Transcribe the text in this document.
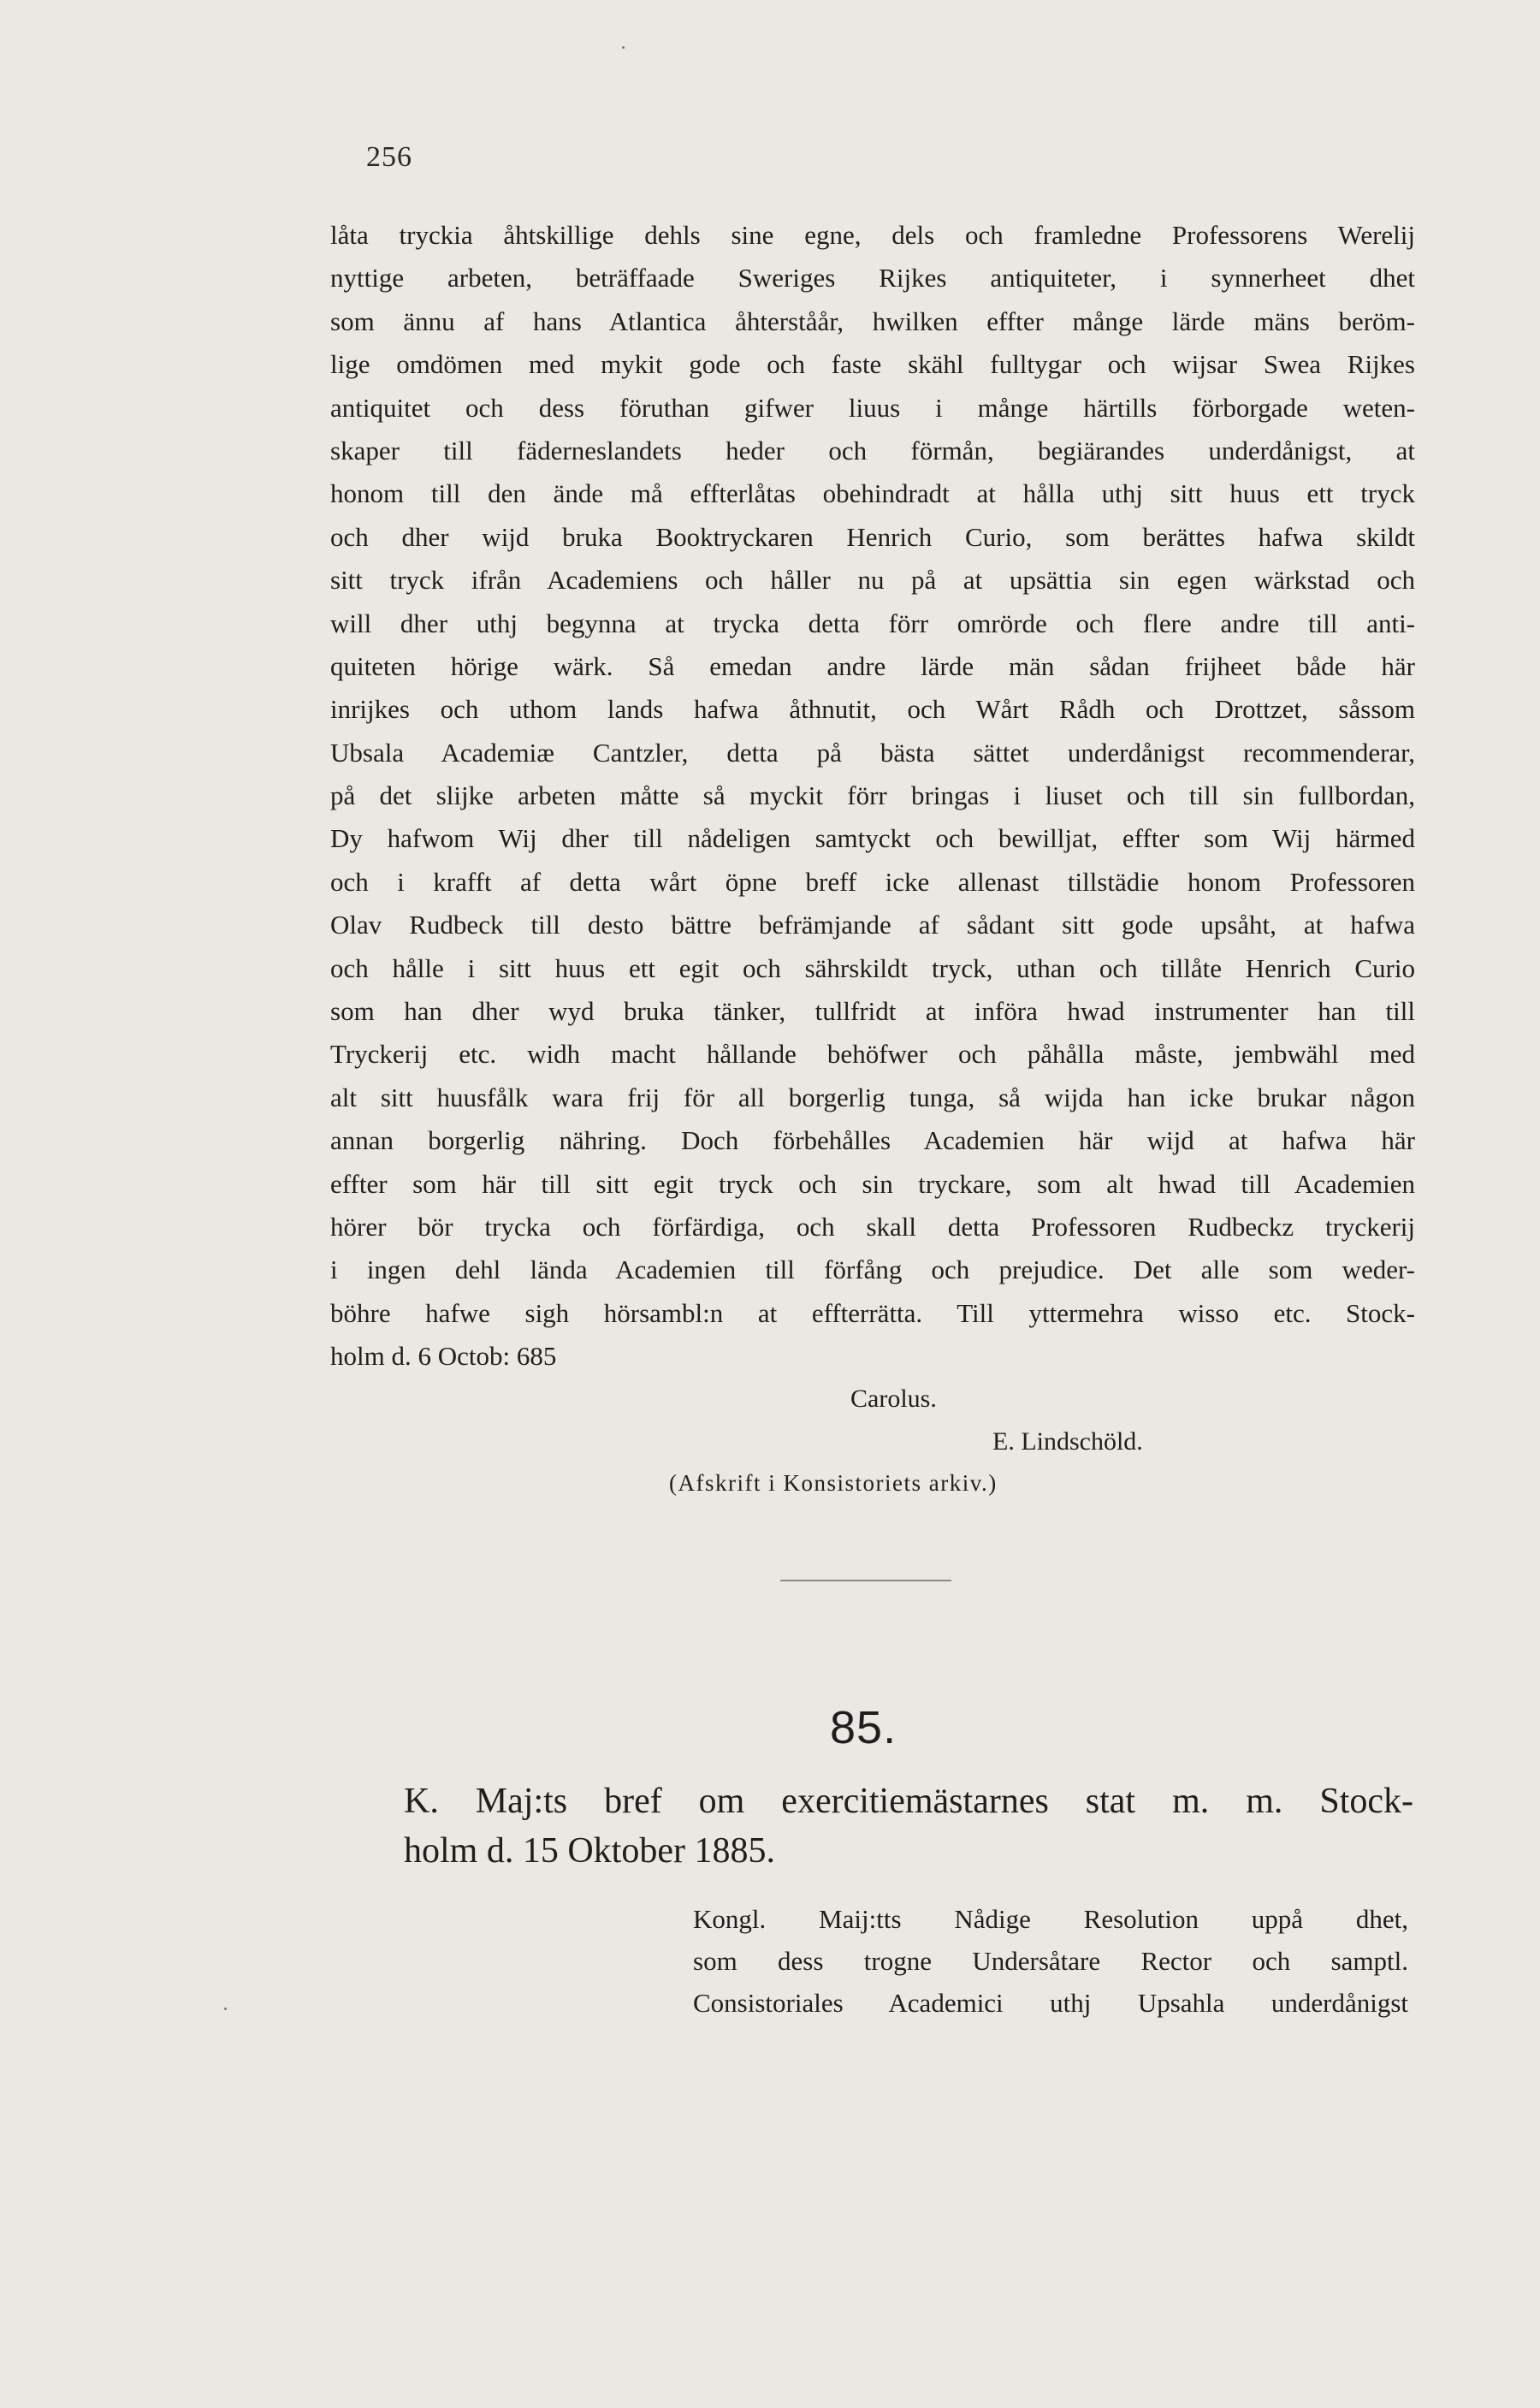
256
låta tryckia åhtskillige dehls sine egne, dels och framledne Professorens Werelij
nyttige arbeten, beträffaade Sweriges Rijkes antiquiteter, i synnerheet dhet
som ännu af hans Atlantica åhterståår, hwilken effter månge lärde mäns beröm-
lige omdömen med mykit gode och faste skähl fulltygar och wijsar Swea Rijkes
antiquitet och dess föruthan gifwer liuus i månge härtills förborgade weten-
skaper till fäderneslandets heder och förmån, begiärandes underdånigst, at
honom till den ände må effterlåtas obehindradt at hålla uthj sitt huus ett tryck
och dher wijd bruka Booktryckaren Henrich Curio, som berättes hafwa skildt
sitt tryck ifrån Academiens och håller nu på at upsättia sin egen wärkstad och
will dher uthj begynna at trycka detta förr omrörde och flere andre till anti-
quiteten hörige wärk. Så emedan andre lärde män sådan frijheet både här
inrijkes och uthom lands hafwa åthnutit, och Wårt Rådh och Drottzet, såssom
Ubsala Academiæ Cantzler, detta på bästa sättet underdånigst recommenderar,
på det slijke arbeten måtte så myckit förr bringas i liuset och till sin fullbordan,
Dy hafwom Wij dher till nådeligen samtyckt och bewilljat, effter som Wij härmed
och i krafft af detta wårt öpne breff icke allenast tillstädie honom Professoren
Olav Rudbeck till desto bättre befrämjande af sådant sitt gode upsåht, at hafwa
och hålle i sitt huus ett egit och sährskildt tryck, uthan och tillåte Henrich Curio
som han dher wyd bruka tänker, tullfridt at införa hwad instrumenter han till
Tryckerij etc. widh macht hållande behöfwer och påhålla måste, jembwähl med
alt sitt huusfålk wara frij för all borgerlig tunga, så wijda han icke brukar någon
annan borgerlig nähring. Doch förbehålles Academien här wijd at hafwa här
effter som här till sitt egit tryck och sin tryckare, som alt hwad till Academien
hörer bör trycka och förfärdiga, och skall detta Professoren Rudbeckz tryckerij
i ingen dehl lända Academien till förfång och prejudice. Det alle som weder-
böhre hafwe sigh hörsambl:n at effterrätta. Till yttermehra wisso etc. Stock-
holm d. 6 Octob: 685
Carolus.
E. Lindschöld.
(Afskrift i Konsistoriets arkiv.)
85.
K. Maj:ts bref om exercitiemästarnes stat m. m. Stock-
holm d. 15 Oktober 1885.
Kongl. Maij:tts Nådige Resolution uppå dhet,
som dess trogne Undersåtare Rector och samptl.
Consistoriales Academici uthj Upsahla underdånigst
